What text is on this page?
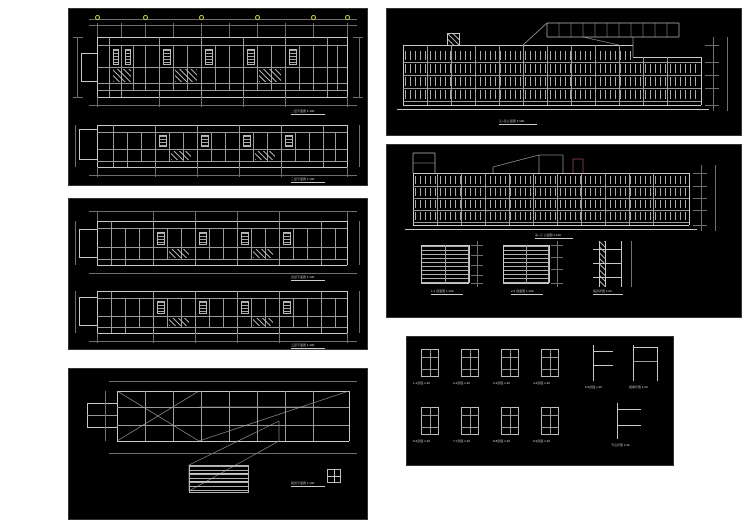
二层平面图 1:100
三层平面图 1:100
四层平面图 1:100
五层平面图 1:100
屋顶平面图 1:100
①~⑯立面图 1:100
⑯~① 立面图 1:100
1-1 剖面图 1:100	2-2 剖面图 1:100	墙身详图 1:20
1-1剖面 1:20	2-2剖面 1:20	3-3剖面 1:20	4-4剖面 1:20
5-5剖面 1:20	楼梯详图 1:20
6-6剖面 1:20	7-7剖面 1:20	8-8剖面 1:20	9-9剖面 1:20
节点详图 1:20
